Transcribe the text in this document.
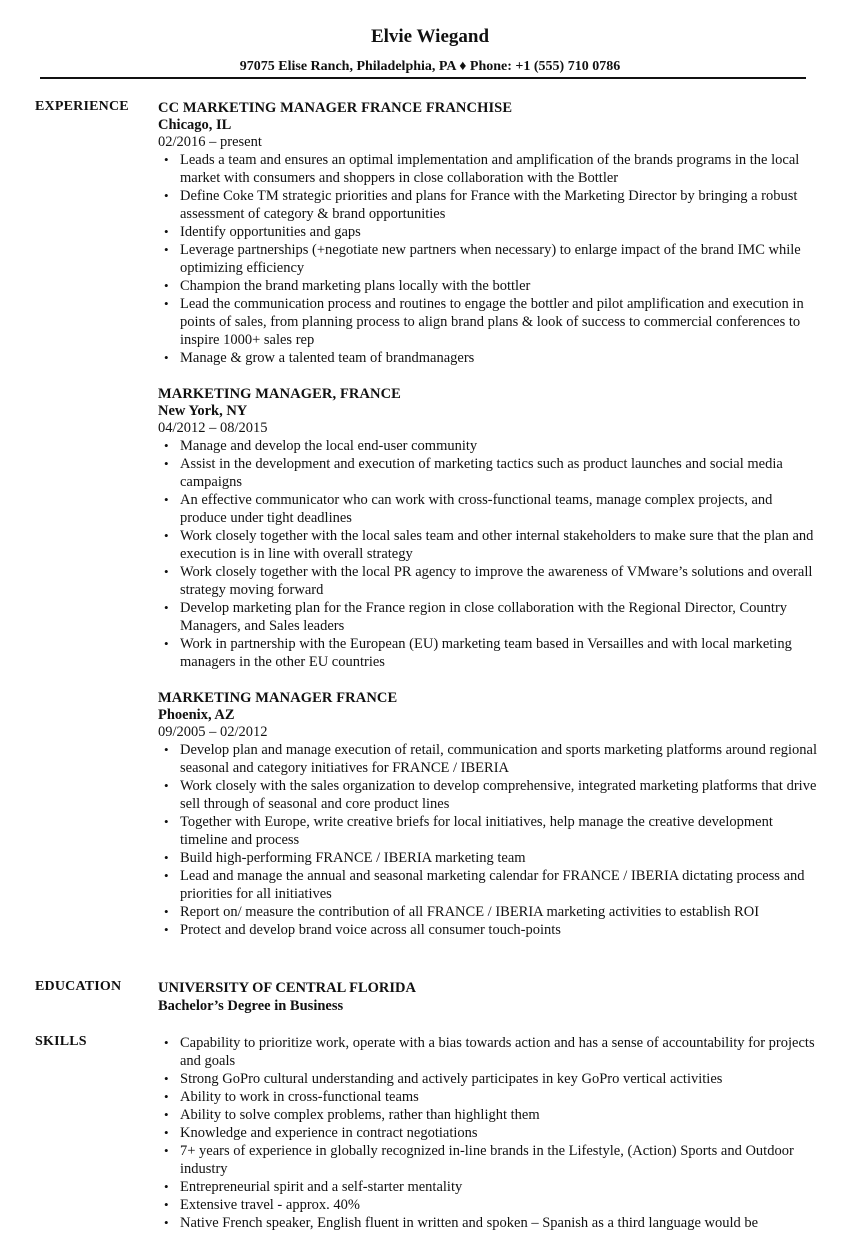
Elvie Wiegand
97075 Elise Ranch, Philadelphia, PA ♦ Phone: +1 (555) 710 0786
EXPERIENCE CC MARKETING MANAGER FRANCE FRANCHISE
Chicago, IL
02/2016 – present
• Leads a team and ensures an optimal implementation and amplification of the brands programs in the local market with consumers and shoppers in close collaboration with the Bottler
• Define Coke TM strategic priorities and plans for France with the Marketing Director by bringing a robust assessment of category & brand opportunities
• Identify opportunities and gaps
• Leverage partnerships (+negotiate new partners when necessary) to enlarge impact of the brand IMC while optimizing efficiency
• Champion the brand marketing plans locally with the bottler
• Lead the communication process and routines to engage the bottler and pilot amplification and execution in points of sales, from planning process to align brand plans & look of success to commercial conferences to inspire 1000+ sales rep
• Manage & grow a talented team of brandmanagers
MARKETING MANAGER, FRANCE
New York, NY
04/2012 – 08/2015
• Manage and develop the local end-user community
• Assist in the development and execution of marketing tactics such as product launches and social media campaigns
• An effective communicator who can work with cross-functional teams, manage complex projects, and produce under tight deadlines
• Work closely together with the local sales team and other internal stakeholders to make sure that the plan and execution is in line with overall strategy
• Work closely together with the local PR agency to improve the awareness of VMware’s solutions and overall strategy moving forward
• Develop marketing plan for the France region in close collaboration with the Regional Director, Country Managers, and Sales leaders
• Work in partnership with the European (EU) marketing team based in Versailles and with local marketing managers in the other EU countries
MARKETING MANAGER FRANCE
Phoenix, AZ
09/2005 – 02/2012
• Develop plan and manage execution of retail, communication and sports marketing platforms around regional seasonal and category initiatives for FRANCE / IBERIA
• Work closely with the sales organization to develop comprehensive, integrated marketing platforms that drive sell through of seasonal and core product lines
• Together with Europe, write creative briefs for local initiatives, help manage the creative development timeline and process
• Build high-performing FRANCE / IBERIA marketing team
• Lead and manage the annual and seasonal marketing calendar for FRANCE / IBERIA dictating process and priorities for all initiatives
• Report on/ measure the contribution of all FRANCE / IBERIA marketing activities to establish ROI
• Protect and develop brand voice across all consumer touch-points
EDUCATION	UNIVERSITY OF CENTRAL FLORIDA
Bachelor’s Degree in Business
SKILLS
•	Capability to prioritize work, operate with a bias towards action and has a sense of accountability for projects and goals
• Strong GoPro cultural understanding and actively participates in key GoPro vertical activities
• Ability to work in cross-functional teams
• Ability to solve complex problems, rather than highlight them
• Knowledge and experience in contract negotiations
• 7+ years of experience in globally recognized in-line brands in the Lifestyle, (Action) Sports and Outdoor industry
• Entrepreneurial spirit and a self-starter mentality
• Extensive travel - approx. 40%
• Native French speaker, English fluent in written and spoken – Spanish as a third language would be
